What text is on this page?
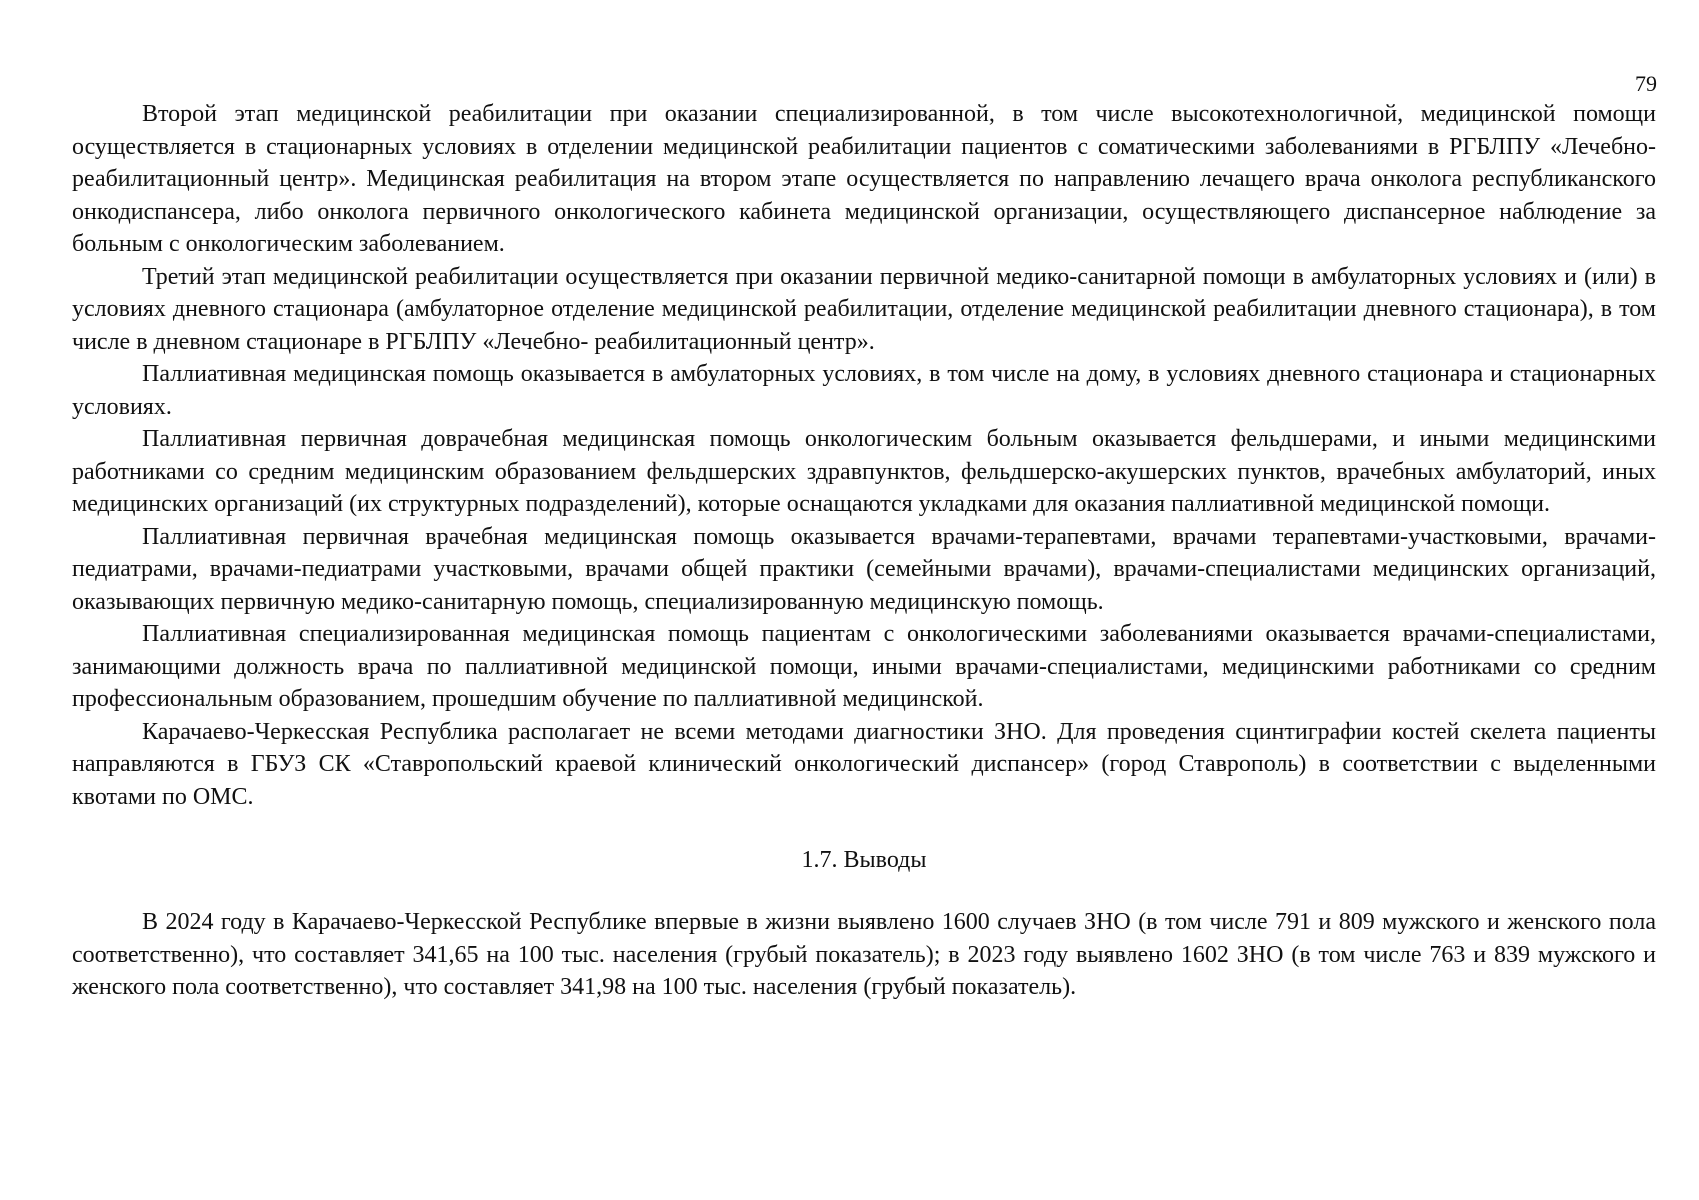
79

Второй этап медицинской реабилитации при оказании специализированной, в том числе высокотехнологичной, медицинской помощи осуществляется в стационарных условиях в отделении медицинской реабилитации пациентов с соматическими заболеваниями в РГБЛПУ «Лечебно-реабилитационный центр». Медицинская реабилитация на втором этапе осуществляется по направлению лечащего врача онколога республиканского онкодиспансера, либо онколога первичного онкологического кабинета медицинской организации, осуществляющего диспансерное наблюдение за больным с онкологическим заболеванием.

Третий этап медицинской реабилитации осуществляется при оказании первичной медико-санитарной помощи в амбулаторных условиях и (или) в условиях дневного стационара (амбулаторное отделение медицинской реабилитации, отделение медицинской реабилитации дневного стационара), в том числе в дневном стационаре в РГБЛПУ «Лечебно- реабилитационный центр».

Паллиативная медицинская помощь оказывается в амбулаторных условиях, в том числе на дому, в условиях дневного стационара и стационарных условиях.

Паллиативная первичная доврачебная медицинская помощь онкологическим больным оказывается фельдшерами, и иными медицинскими работниками со средним медицинским образованием фельдшерских здравпунктов, фельдшерско-акушерских пунктов, врачебных амбулаторий, иных медицинских организаций (их структурных подразделений), которые оснащаются укладками для оказания паллиативной медицинской помощи.

Паллиативная первичная врачебная медицинская помощь оказывается врачами-терапевтами, врачами терапевтами-участковыми, врачами-педиатрами, врачами-педиатрами участковыми, врачами общей практики (семейными врачами), врачами-специалистами медицинских организаций, оказывающих первичную медико-санитарную помощь, специализированную медицинскую помощь.

Паллиативная специализированная медицинская помощь пациентам с онкологическими заболеваниями оказывается врачами-специалистами, занимающими должность врача по паллиативной медицинской помощи, иными врачами-специалистами, медицинскими работниками со средним профессиональным образованием, прошедшим обучение по паллиативной медицинской.

Карачаево-Черкесская Республика располагает не всеми методами диагностики ЗНО. Для проведения сцинтиграфии костей скелета пациенты направляются в ГБУЗ СК «Ставропольский краевой клинический онкологический диспансер» (город Ставрополь) в соответствии с выделенными квотами по ОМС.

1.7. Выводы

В 2024 году в Карачаево-Черкесской Республике впервые в жизни выявлено 1600 случаев ЗНО (в том числе 791 и 809 мужского и женского пола соответственно), что составляет 341,65 на 100 тыс. населения (грубый показатель); в 2023 году выявлено 1602 ЗНО (в том числе 763 и 839 мужского и женского пола соответственно), что составляет 341,98 на 100 тыс. населения (грубый показатель).
